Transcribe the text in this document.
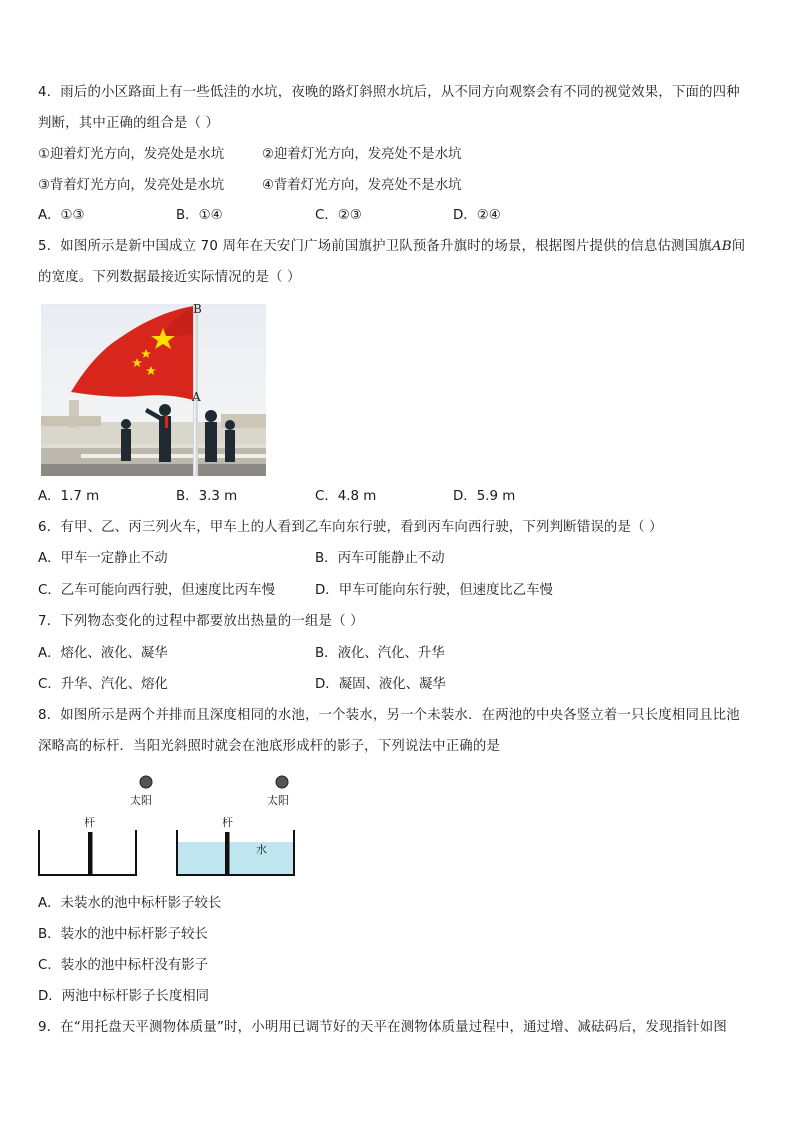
4．雨后的小区路面上有一些低洼的水坑，夜晚的路灯斜照水坑后，从不同方向观察会有不同的视觉效果，下面的四种
判断，其中正确的组合是（ ）
①迎着灯光方向，发亮处是水坑	②迎着灯光方向，发亮处不是水坑
③背着灯光方向，发亮处是水坑	④背着灯光方向，发亮处不是水坑
A．①③	B．①④	C．②③	D．②④
5．如图所示是新中国成立 70 周年在天安门广场前国旗护卫队预备升旗时的场景，根据图片提供的信息估测国旗AB间
的宽度。下列数据最接近实际情况的是（ ）
B
A
A．1.7 m	B．3.3 m	C．4.8 m	D．5.9 m
6．有甲、乙、丙三列火车，甲车上的人看到乙车向东行驶，看到丙车向西行驶，下列判断错误的是（ ）
A．甲车一定静止不动	B．丙车可能静止不动
C．乙车可能向西行驶，但速度比丙车慢	D．甲车可能向东行驶，但速度比乙车慢
7．下列物态变化的过程中都要放出热量的一组是（ ）
A．熔化、液化、凝华	B．液化、汽化、升华
C．升华、汽化、熔化	D．凝固、液化、凝华
8．如图所示是两个并排而且深度相同的水池，一个装水，另一个未装水．在两池的中央各竖立着一只长度相同且比池
深略高的标杆．当阳光斜照时就会在池底形成杆的影子，下列说法中正确的是
太阳	太阳
杆	杆
水
A．未装水的池中标杆影子较长
B．装水的池中标杆影子较长
C．装水的池中标杆没有影子
D．两池中标杆影子长度相同
9．在“用托盘天平测物体质量”时，小明用已调节好的天平在测物体质量过程中，通过增、减砝码后，发现指针如图
